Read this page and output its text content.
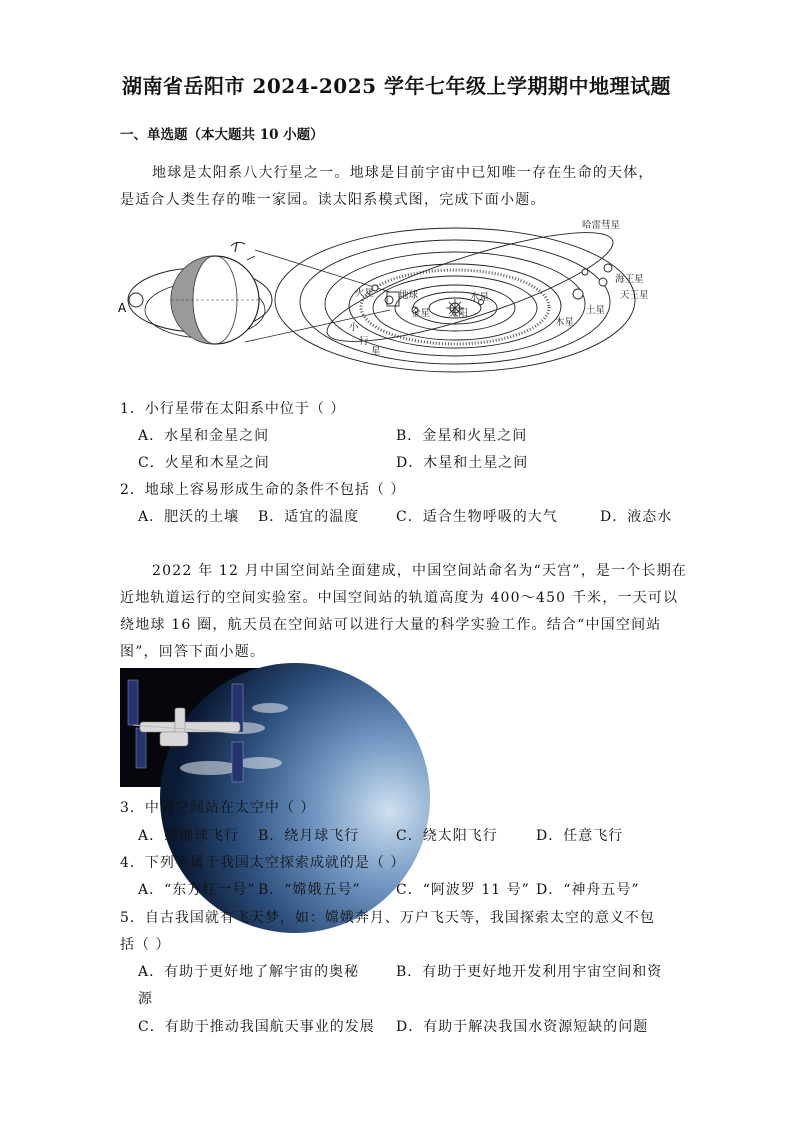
湖南省岳阳市 2024-2025 学年七年级上学期期中地理试题
一、单选题（本大题共 10 小题）
地球是太阳系八大行星之一。地球是目前宇宙中已知唯一存在生命的天体，
是适合人类生存的唯一家园。读太阳系模式图，完成下面小题。
A
哈雷彗星
海王星
天王星
土星
木星
火星	地球	水星
金星 太阳
小
行
星
1．小行星带在太阳系中位于（ ）
A．水星和金星之间	B．金星和火星之间
C．火星和木星之间	D．木星和土星之间
2．地球上容易形成生命的条件不包括（ ）
A．肥沃的土壤 B．适宜的温度	C．适合生物呼吸的大气	D．液态水
2022 年 12 月中国空间站全面建成，中国空间站命名为“天宫”，是一个长期在
近地轨道运行的空间实验室。中国空间站的轨道高度为 400～450 千米，一天可以
绕地球 16 圈，航天员在空间站可以进行大量的科学实验工作。结合“中国空间站
图”，回答下面小题。
3．中国空间站在太空中（ ）
A．绕地球飞行 B．绕月球飞行	C．绕太阳飞行	D．任意飞行
4．下列不属于我国太空探索成就的是（ ）
A．“东方红一号” B．“嫦娥五号”	C．“阿波罗 11 号” D．“神舟五号”
5．自古我国就有飞天梦，如：嫦娥奔月、万户飞天等，我国探索太空的意义不包
括（ ）
A．有助于更好地了解宇宙的奥秘	B．有助于更好地开发利用宇宙空间和资
源
C．有助于推动我国航天事业的发展 D．有助于解决我国水资源短缺的问题
